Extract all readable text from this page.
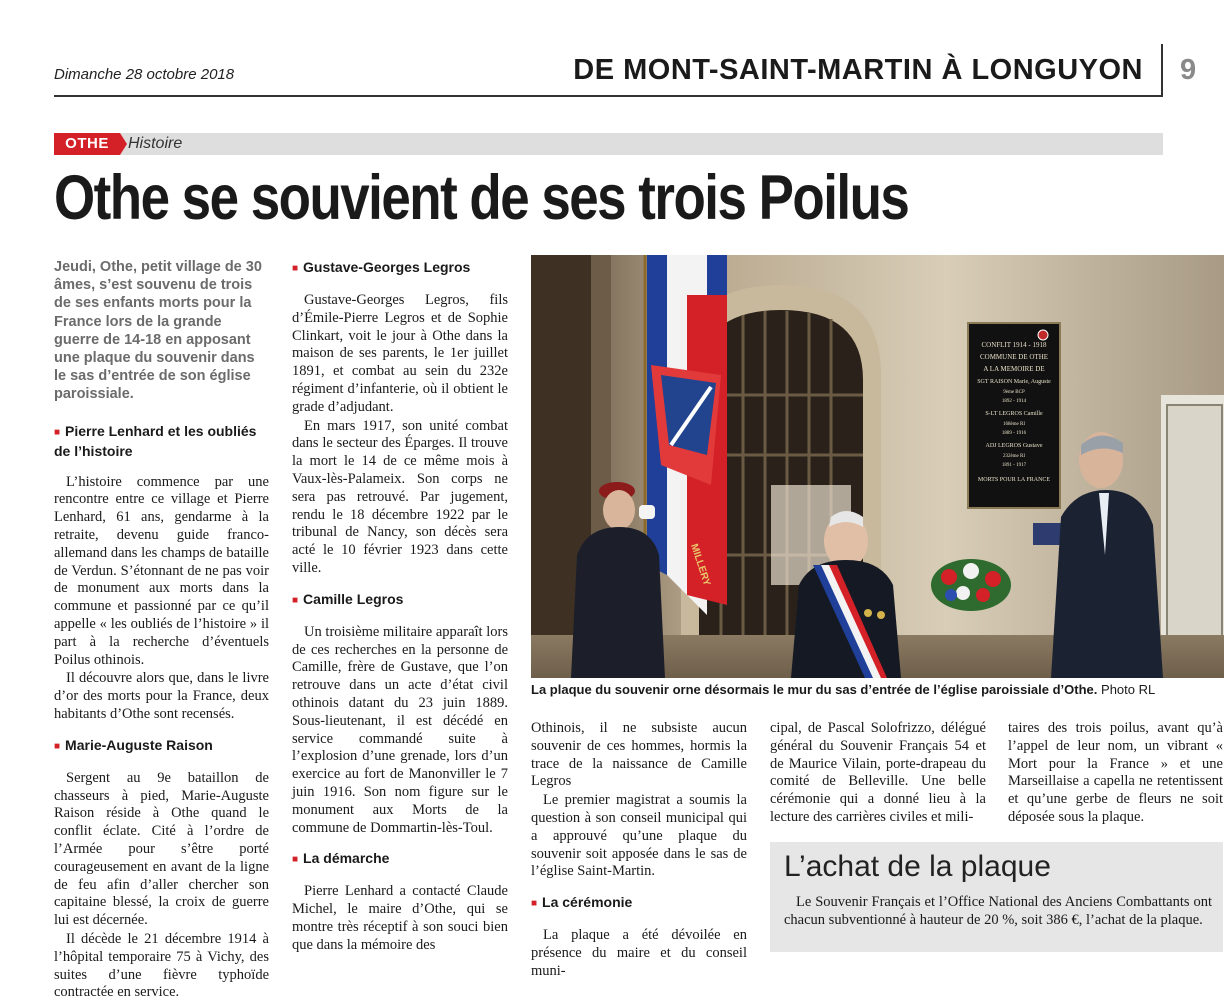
Dimanche 28 octobre 2018	DE MONT-SAINT-MARTIN À LONGUYON 9
OTHE	Histoire
Othe se souvient de ses trois Poilus
Jeudi, Othe, petit village de 30 âmes, s’est souvenu de trois de ses enfants morts pour la France lors de la grande guerre de 14-18 en apposant une plaque du souvenir dans le sas d’entrée de son église paroissiale.
■ Pierre Lenhard et les oubliés de l’histoire

L’histoire commence par une rencontre entre ce village et Pierre Lenhard, 61 ans, gendarme à la retraite, devenu guide franco-allemand dans les champs de bataille de Verdun. S’étonnant de ne pas voir de monument aux morts dans la commune et passionné par ce qu’il appelle « les oubliés de l’histoire » il part à la recherche d’éventuels Poilus othinois.

Il découvre alors que, dans le livre d’or des morts pour la France, deux habitants d’Othe sont recensés.

■ Marie-Auguste Raison

Sergent au 9e bataillon de chasseurs à pied, Marie-Auguste Raison réside à Othe quand le conflit éclate. Cité à l’ordre de l’Armée pour s’être porté courageusement en avant de la ligne de feu afin d’aller chercher son capitaine blessé, la croix de guerre lui est décernée.

Il décède le 21 décembre 1914 à l’hôpital temporaire 75 à Vichy, des suites d’une fièvre typhoïde contractée en service.

■ Gustave-Georges Legros

Gustave-Georges Legros, fils d’Émile-Pierre Legros et de Sophie Clinkart, voit le jour à Othe dans la maison de ses parents, le 1er juillet 1891, et combat au sein du 232e régiment d’infanterie, où il obtient le grade d’adjudant.

En mars 1917, son unité combat dans le secteur des Éparges. Il trouve la mort le 14 de ce même mois à Vaux-lès-Palameix. Son corps ne sera pas retrouvé. Par jugement, rendu le 18 décembre 1922 par le tribunal de Nancy, son décès sera acté le 10 février 1923 dans cette ville.

■ Camille Legros

Un troisième militaire apparaît lors de ces recherches en la personne de Camille, frère de Gustave, que l’on retrouve dans un acte d’état civil othinois datant du 23 juin 1889. Sous-lieutenant, il est décédé en service commandé suite à l’explosion d’une grenade, lors d’un exercice au fort de Manonviller le 7 juin 1916. Son nom figure sur le monument aux Morts de la commune de Dommartin-lès-Toul.

■ La démarche

Pierre Lenhard a contacté Claude Michel, le maire d’Othe, qui se montre très réceptif à son souci bien que dans la mémoire des

CONFLIT 1914 - 1918
COMMUNE DE OTHE
A LA MEMOIRE DE
SGT RAISON Marie, Auguste
9ème BCP
1892 - 1914
S-LT LEGROS Camille
168ème RI
1889 - 1916
ADJ LEGROS Gustave
232ème RI
1891 - 1917
MORTS POUR LA FRANCE
MILLERY
La plaque du souvenir orne désormais le mur du sas d’entrée de l’église paroissiale d’Othe. Photo RL

Othinois, il ne subsiste aucun souvenir de ces hommes, hormis la trace de la naissance de Camille Legros

Le premier magistrat a soumis la question à son conseil municipal qui a approuvé qu’une plaque du souvenir soit apposée dans le sas de l’église Saint-Martin.

■ La cérémonie

La plaque a été dévoilée en présence du maire et du conseil muni-

cipal, de Pascal Solofrizzo, délégué général du Souvenir Français 54 et de Maurice Vilain, porte-drapeau du comité de Belleville. Une belle cérémonie qui a donné lieu à la lecture des carrières civiles et mili-

taires des trois poilus, avant qu’à l’appel de leur nom, un vibrant « Mort pour la France » et une Marseillaise a capella ne retentissent et qu’une gerbe de fleurs ne soit déposée sous la plaque.

L’achat de la plaque

Le Souvenir Français et l’Office National des Anciens Combattants ont chacun subventionné à hauteur de 20 %, soit 386 €, l’achat de la plaque.
